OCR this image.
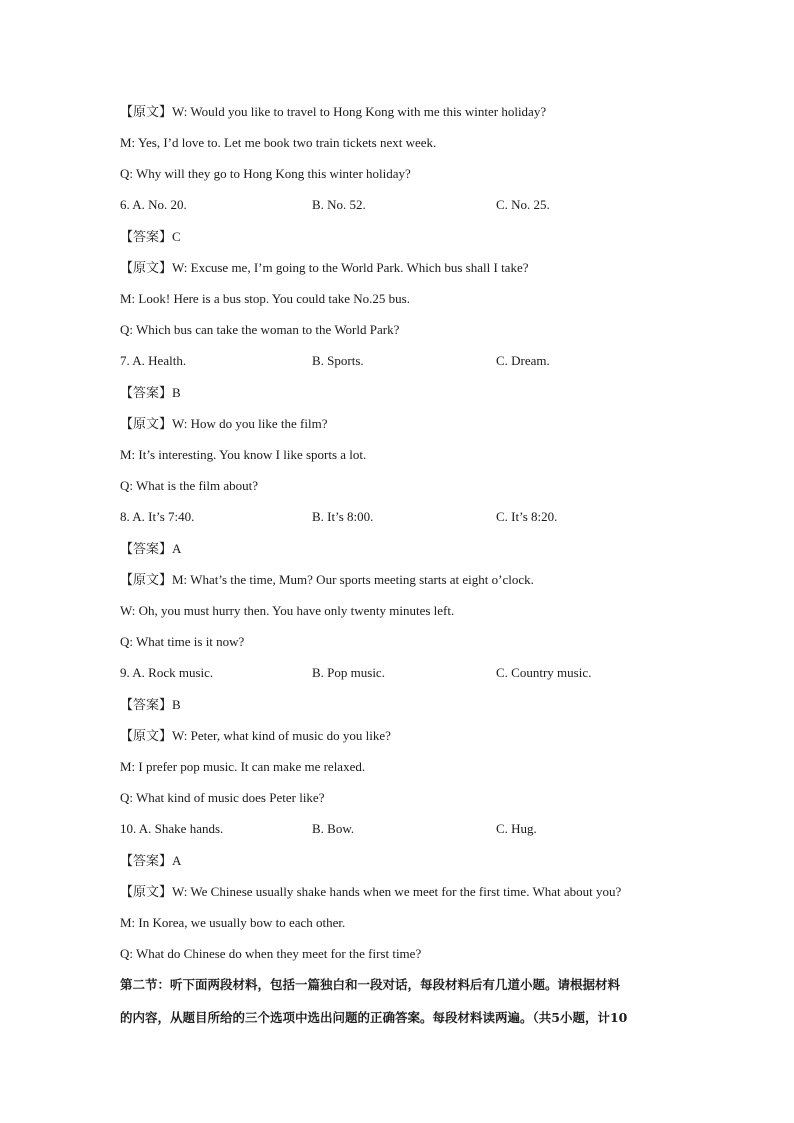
【原文】W: Would you like to travel to Hong Kong with me this winter holiday?
M: Yes, I’d love to. Let me book two train tickets next week.
Q: Why will they go to Hong Kong this winter holiday?
6. A. No. 20.	B. No. 52.	C. No. 25.
【答案】C
【原文】W: Excuse me, I’m going to the World Park. Which bus shall I take?
M: Look! Here is a bus stop. You could take No.25 bus.
Q: Which bus can take the woman to the World Park?
7. A. Health.	B. Sports.	C. Dream.
【答案】B
【原文】W: How do you like the film?
M: It’s interesting. You know I like sports a lot.
Q: What is the film about?
8. A. It’s 7:40.	B. It’s 8:00.	C. It’s 8:20.
【答案】A
【原文】M: What’s the time, Mum? Our sports meeting starts at eight o’clock.
W: Oh, you must hurry then. You have only twenty minutes left.
Q: What time is it now?
9. A. Rock music.	B. Pop music.	C. Country music.
【答案】B
【原文】W: Peter, what kind of music do you like?
M: I prefer pop music. It can make me relaxed.
Q: What kind of music does Peter like?
10. A. Shake hands.	B. Bow.	C. Hug.
【答案】A
【原文】W: We Chinese usually shake hands when we meet for the first time. What about you?
M: In Korea, we usually bow to each other.
Q: What do Chinese do when they meet for the first time?
第二节：听下面两段材料，包括一篇独白和一段对话，每段材料后有几道小题。请根据材料
的内容，从题目所给的三个选项中选出问题的正确答案。每段材料读两遍。（共5小题，计10
